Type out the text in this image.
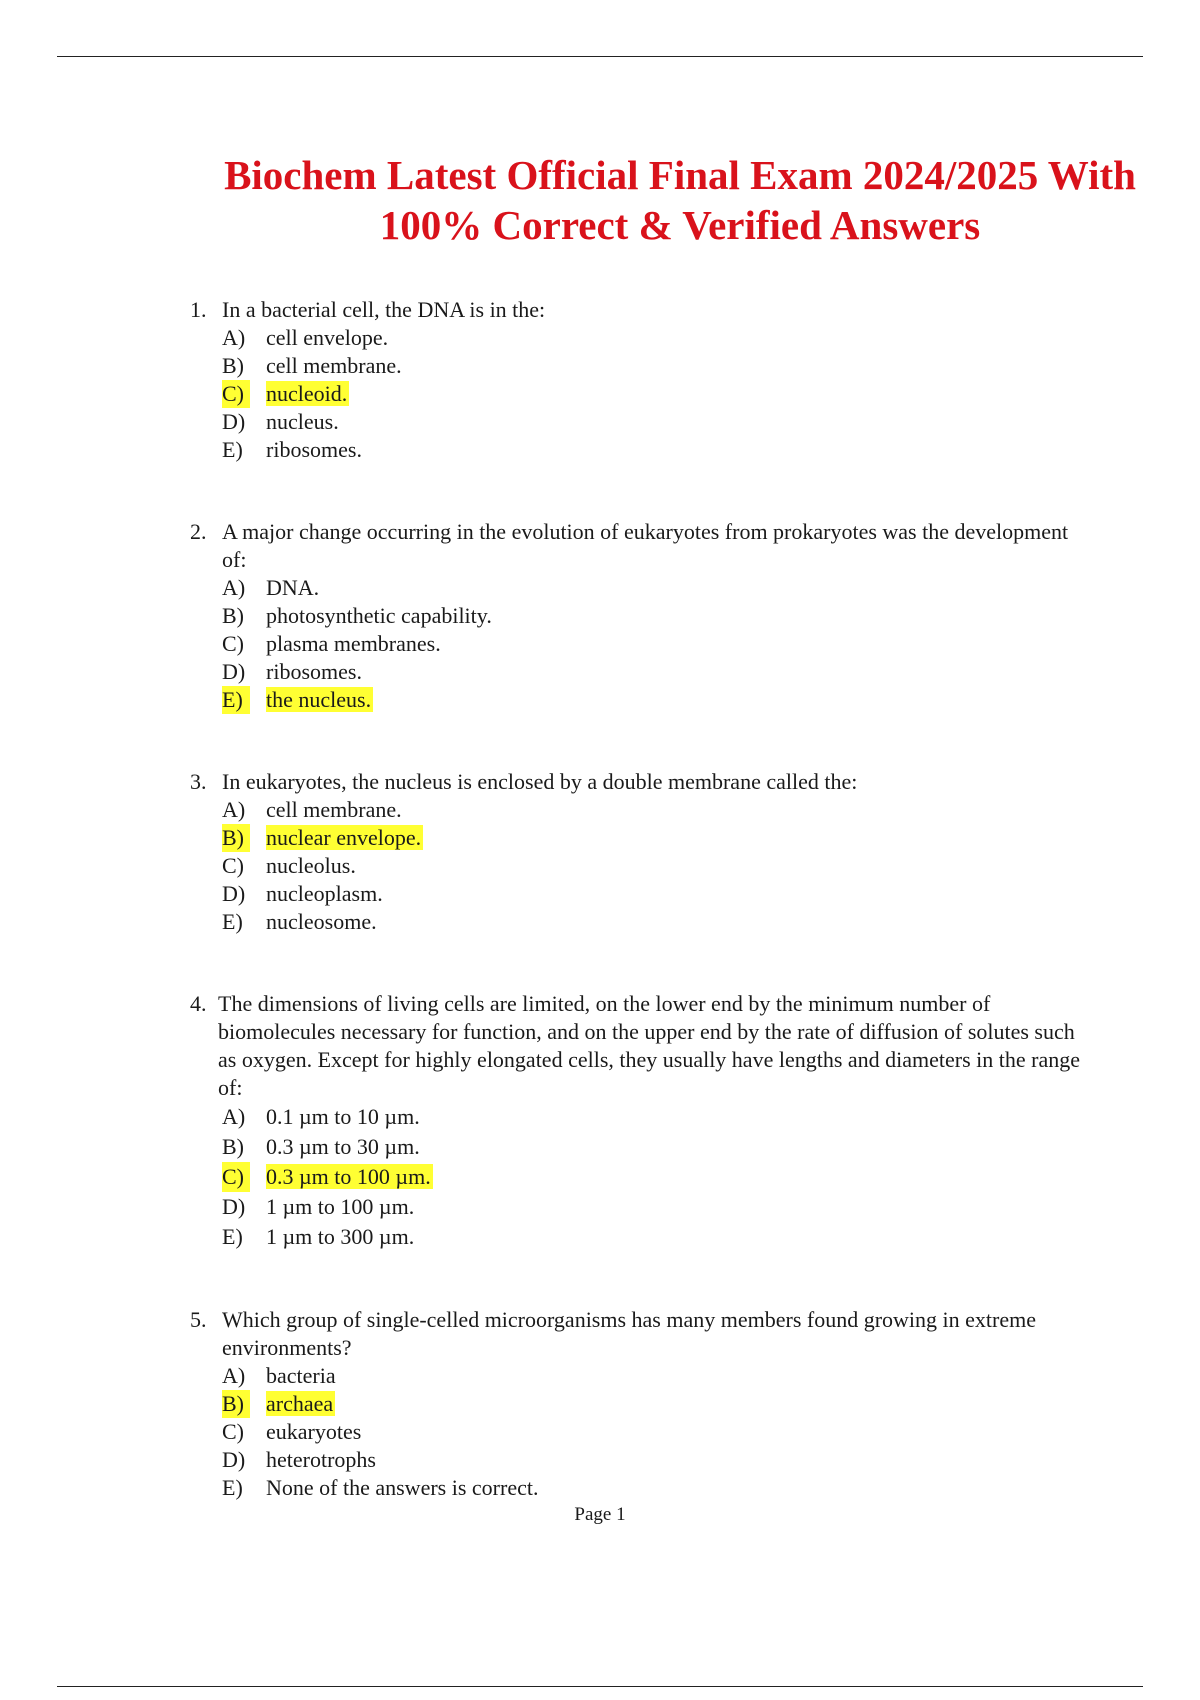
Biochem Latest Official Final Exam 2024/2025 With
100% Correct & Verified Answers

1. In a bacterial cell, the DNA is in the:

A) cell envelope.
B) cell membrane.
C) nucleoid.
D) nucleus.
E) ribosomes.

2. A major change occurring in the evolution of eukaryotes from prokaryotes was the development of:

A) DNA.
B) photosynthetic capability.
C) plasma membranes.
D) ribosomes.
E) the nucleus.

3. In eukaryotes, the nucleus is enclosed by a double membrane called the:

A) cell membrane.
B) nuclear envelope.
C) nucleolus.
D) nucleoplasm.
E) nucleosome.

4. The dimensions of living cells are limited, on the lower end by the minimum number of biomolecules necessary for function, and on the upper end by the rate of diffusion of solutes such as oxygen. Except for highly elongated cells, they usually have lengths and diameters in the range of:

A) 0.1 µm to 10 µm.
B) 0.3 µm to 30 µm.
C) 0.3 µm to 100 µm.
D) 1 µm to 100 µm.
E) 1 µm to 300 µm.

5. Which group of single-celled microorganisms has many members found growing in extreme environments?

A) bacteria
B) archaea
C) eukaryotes
D) heterotrophs
E) None of the answers is correct.
Page 1
